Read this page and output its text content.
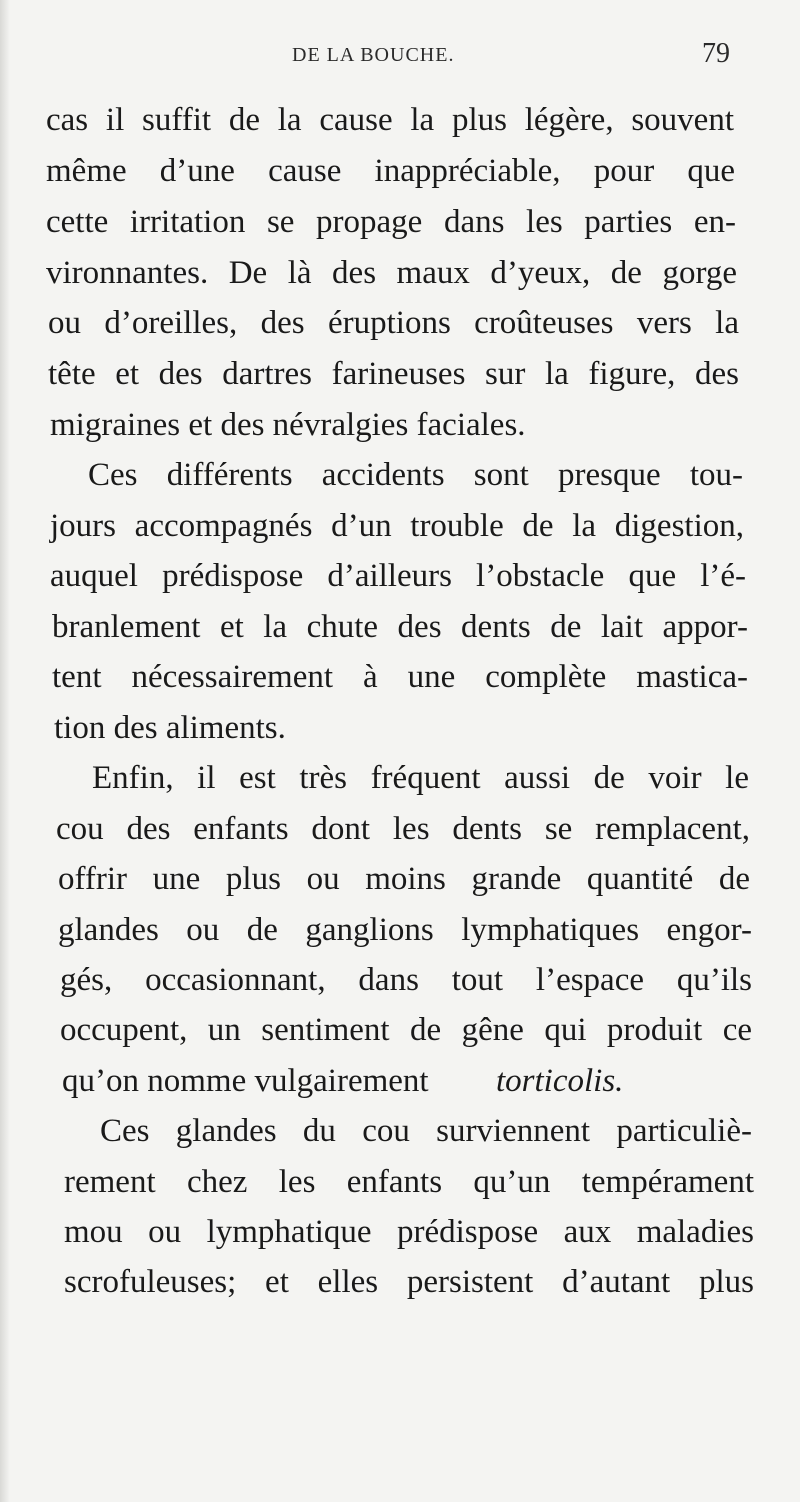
DE LA BOUCHE.	79
cas il suffit de la cause la plus légère, souvent
même d’une cause inappréciable, pour que
cette irritation se propage dans les parties en-
vironnantes. De là des maux d’yeux, de gorge
ou d’oreilles, des éruptions croûteuses vers la
tête et des dartres farineuses sur la figure, des
migraines et des névralgies faciales.
Ces différents accidents sont presque tou-
jours accompagnés d’un trouble de la digestion,
auquel prédispose d’ailleurs l’obstacle que l’é-
branlement et la chute des dents de lait appor-
tent nécessairement à une complète mastica-
tion des aliments.
Enfin, il est très fréquent aussi de voir le
cou des enfants dont les dents se remplacent,
offrir une plus ou moins grande quantité de
glandes ou de ganglions lymphatiques engor-
gés, occasionnant, dans tout l’espace qu’ils
occupent, un sentiment de gêne qui produit ce
qu’on nomme vulgairement	torticolis.
Ces glandes du cou surviennent particuliè-
rement chez les enfants qu’un tempérament
mou ou lymphatique prédispose aux maladies
scrofuleuses; et elles persistent d’autant plus
